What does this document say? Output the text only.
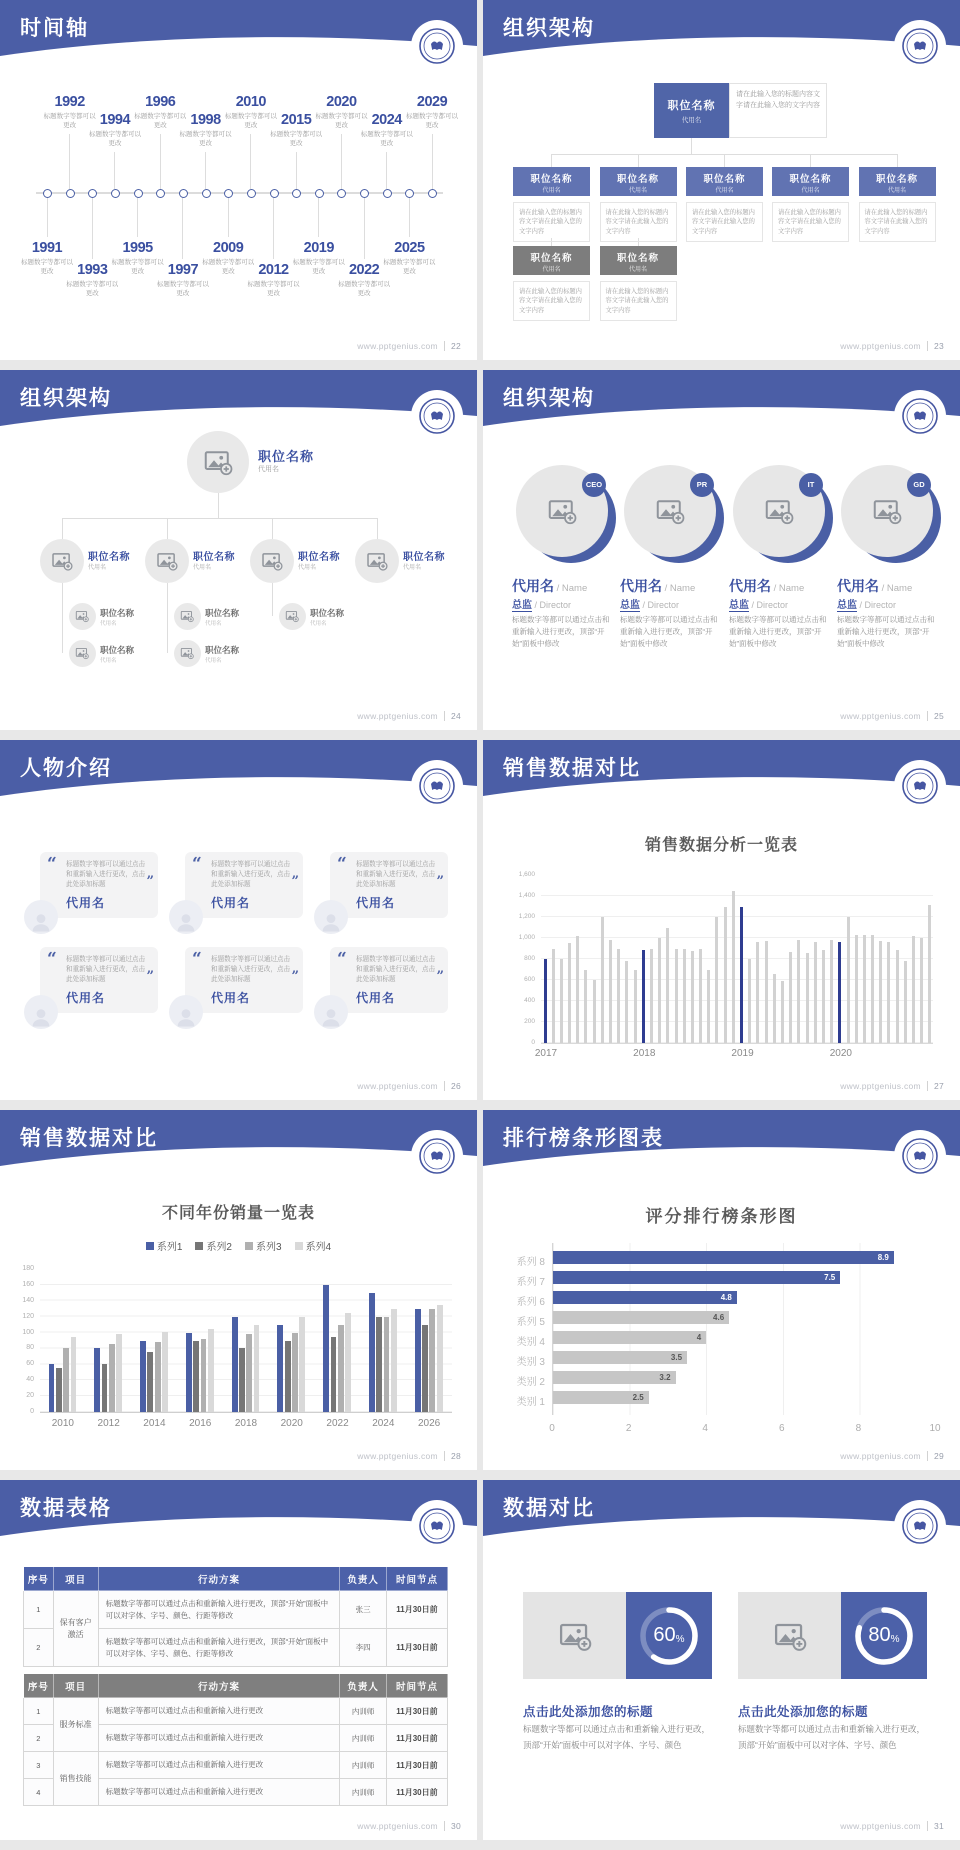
时间轴
1991
标题数字等都可以更改
1992
标题数字等都可以更改
1993
标题数字等都可以更改
1994
标题数字等都可以更改
1995
标题数字等都可以更改
1996
标题数字等都可以更改
1997
标题数字等都可以更改
1998
标题数字等都可以更改
2009
标题数字等都可以更改
2010
标题数字等都可以更改
2012
标题数字等都可以更改
2015
标题数字等都可以更改
2019
标题数字等都可以更改
2020
标题数字等都可以更改
2022
标题数字等都可以更改
2024
标题数字等都可以更改
2025
标题数字等都可以更改
2029
标题数字等都可以更改
www.pptgenius.com 22
组织架构
职位名称
代用名
请在此输入您的标题内容文字请在此输入您的文字内容
职位名称
代用名
请在此输入您的标题内容文字请在此输入您的文字内容
职位名称
代用名
请在此输入您的标题内容文字请在此输入您的文字内容
职位名称
代用名
请在此输入您的标题内容文字请在此输入您的文字内容
职位名称
代用名
请在此输入您的标题内容文字请在此输入您的文字内容
职位名称
代用名
请在此输入您的标题内容文字请在此输入您的文字内容
职位名称
代用名
请在此输入您的标题内容文字请在此输入您的文字内容
职位名称
代用名
请在此输入您的标题内容文字请在此输入您的文字内容
www.pptgenius.com 23
组织架构
职位名称
代用名
职位名称
代用名
职位名称
代用名
职位名称
代用名
职位名称
代用名
职位名称
代用名
职位名称
代用名
职位名称
代用名
职位名称
代用名
职位名称
代用名
www.pptgenius.com 24
组织架构
CEO
代用名 / Name
总监 / Director
标题数字等都可以通过点击和重新输入进行更改，顶部“开始”面板中修改
PR
代用名 / Name
总监 / Director
标题数字等都可以通过点击和重新输入进行更改，顶部“开始”面板中修改
IT
代用名 / Name
总监 / Director
标题数字等都可以通过点击和重新输入进行更改，顶部“开始”面板中修改
GD
代用名 / Name
总监 / Director
标题数字等都可以通过点击和重新输入进行更改，顶部“开始”面板中修改
www.pptgenius.com 25
人物介绍
“ 标题数字等都可以通过点击和重新输入进行更改，点击此处添加标题	”
代用名
“ 标题数字等都可以通过点击和重新输入进行更改，点击此处添加标题	”
代用名
“ 标题数字等都可以通过点击和重新输入进行更改，点击此处添加标题	”
代用名
“ 标题数字等都可以通过点击和重新输入进行更改，点击此处添加标题	”
代用名
“ 标题数字等都可以通过点击和重新输入进行更改，点击此处添加标题	”
代用名
“ 标题数字等都可以通过点击和重新输入进行更改，点击此处添加标题	”
代用名
www.pptgenius.com 26
销售数据对比
销售数据分析一览表
0
200
400
600
800
1,000
1,200
1,400
1,600
2017	2018	2019	2020
www.pptgenius.com 27
销售数据对比
不同年份销量一览表
系列1 系列2 系列3 系列4
0
20
40
60
80
100
120
140
160
180
2010	2012	2014	2016	2018	2020	2022	2024	2026
www.pptgenius.com 28
排行榜条形图表
评分排行榜条形图
8.9
7.5
4.8
4.6
4
3.5
3.2
2.5
系列 8
系列 7
系列 6
系列 5
类别 4
类别 3
类别 2
类别 1
0	2	4	6	8	10
www.pptgenius.com 29
数据表格
序号	项目	行动方案	负责人	时间节点
1	保有客户激活	标题数字等都可以通过点击和重新输入进行更改，顶部“开始”面板中可以对字体、字号、颜色、行距等修改	张三	11月30日前
2		标题数字等都可以通过点击和重新输入进行更改，顶部“开始”面板中可以对字体、字号、颜色、行距等修改	李四	11月30日前
序号	项目	行动方案	负责人	时间节点
1	服务标准	标题数字等都可以通过点击和重新输入进行更改	内训师	11月30日前
2		标题数字等都可以通过点击和重新输入进行更改	内训师	11月30日前
3	销售技能	标题数字等都可以通过点击和重新输入进行更改	内训师	11月30日前
4		标题数字等都可以通过点击和重新输入进行更改	内训师	11月30日前
www.pptgenius.com 30
数据对比
60 %
点击此处添加您的标题
标题数字等都可以通过点击和重新输入进行更改，顶部“开始”面板中可以对字体、字号、颜色
80 %
点击此处添加您的标题
标题数字等都可以通过点击和重新输入进行更改，顶部“开始”面板中可以对字体、字号、颜色
www.pptgenius.com 31
